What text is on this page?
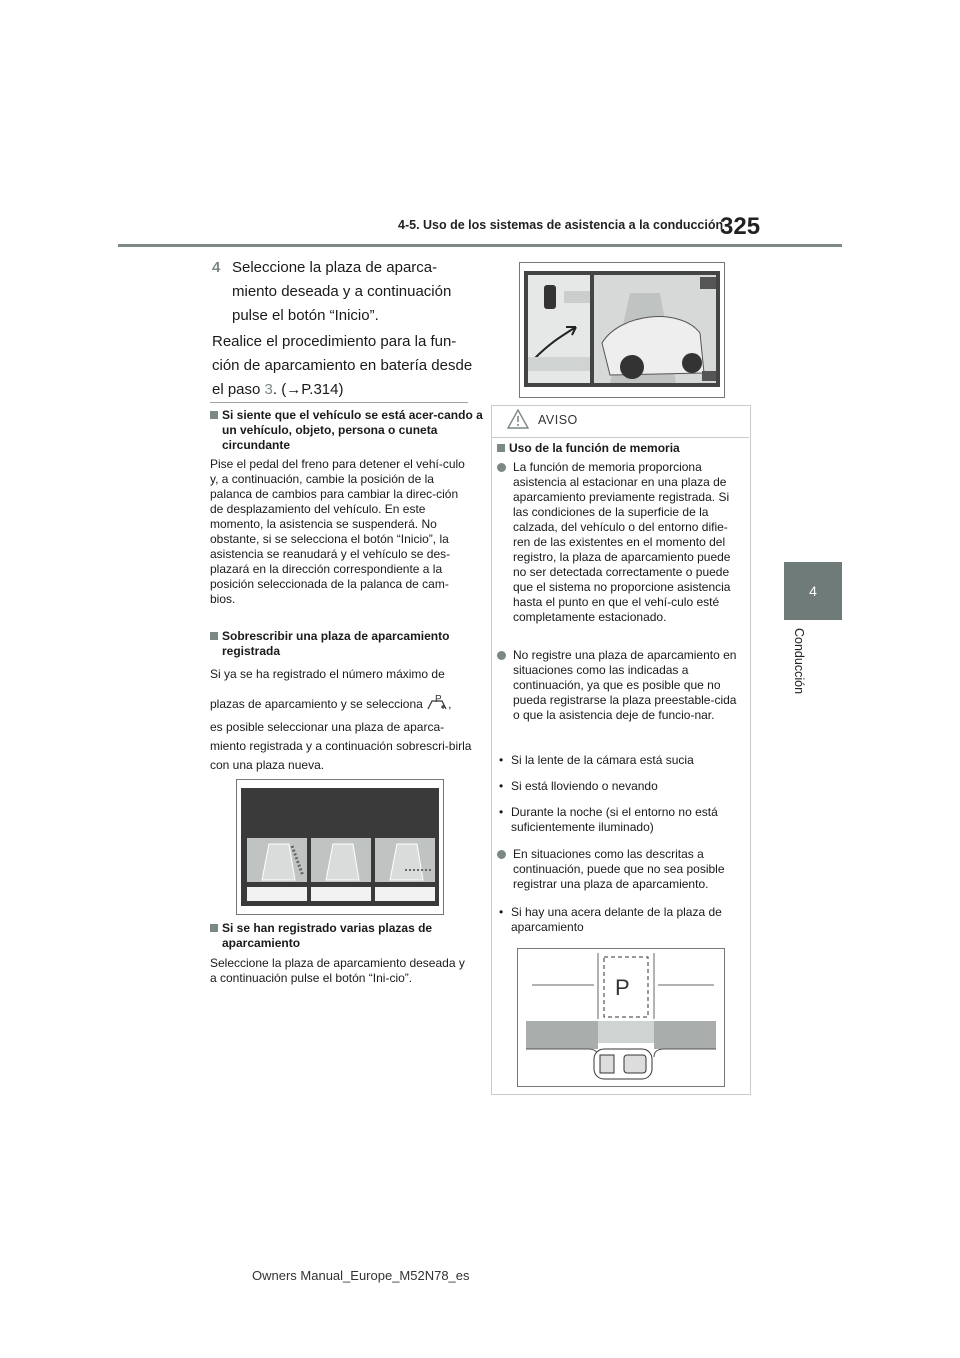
4-5. Uso de los sistemas de asistencia a la conducción
325
4
Conducción
4 Seleccione la plaza de aparca-miento deseada y a continuación pulse el botón “Inicio”.
Realice el procedimiento para la fun-ción de aparcamiento en batería desde el paso 3. (→P.314)
Si siente que el vehículo se está acer-cando a un vehículo, objeto, persona o cuneta circundante
Pise el pedal del freno para detener el vehí-culo y, a continuación, cambie la posición de la palanca de cambios para cambiar la direc-ción de desplazamiento del vehículo. En este momento, la asistencia se suspenderá. No obstante, si se selecciona el botón “Inicio”, la asistencia se reanudará y el vehículo se des-plazará en la dirección correspondiente a la posición seleccionada de la palanca de cam-bios.
Sobrescribir una plaza de aparcamiento registrada
Si ya se ha registrado el número máximo de
plazas de aparcamiento y se selecciona P ,
es posible seleccionar una plaza de aparca-miento registrada y a continuación sobrescri-birla con una plaza nueva.
Si se han registrado varias plazas de aparcamiento
Seleccione la plaza de aparcamiento deseada y a continuación pulse el botón “Ini-cio”.
AVISO
Uso de la función de memoria
La función de memoria proporciona asistencia al estacionar en una plaza de aparcamiento previamente registrada. Si las condiciones de la superficie de la calzada, del vehículo o del entorno difie-ren de las existentes en el momento del registro, la plaza de aparcamiento puede no ser detectada correctamente o puede que el sistema no proporcione asistencia hasta el punto en que el vehí-culo esté completamente estacionado.
No registre una plaza de aparcamiento en situaciones como las indicadas a continuación, ya que es posible que no pueda registrarse la plaza preestable-cida o que la asistencia deje de funcio-nar.
• Si la lente de la cámara está sucia
• Si está lloviendo o nevando
• Durante la noche (si el entorno no está suficientemente iluminado)
En situaciones como las descritas a continuación, puede que no sea posible registrar una plaza de aparcamiento.
• Si hay una acera delante de la plaza de aparcamiento
P
Owners Manual_Europe_M52N78_es
